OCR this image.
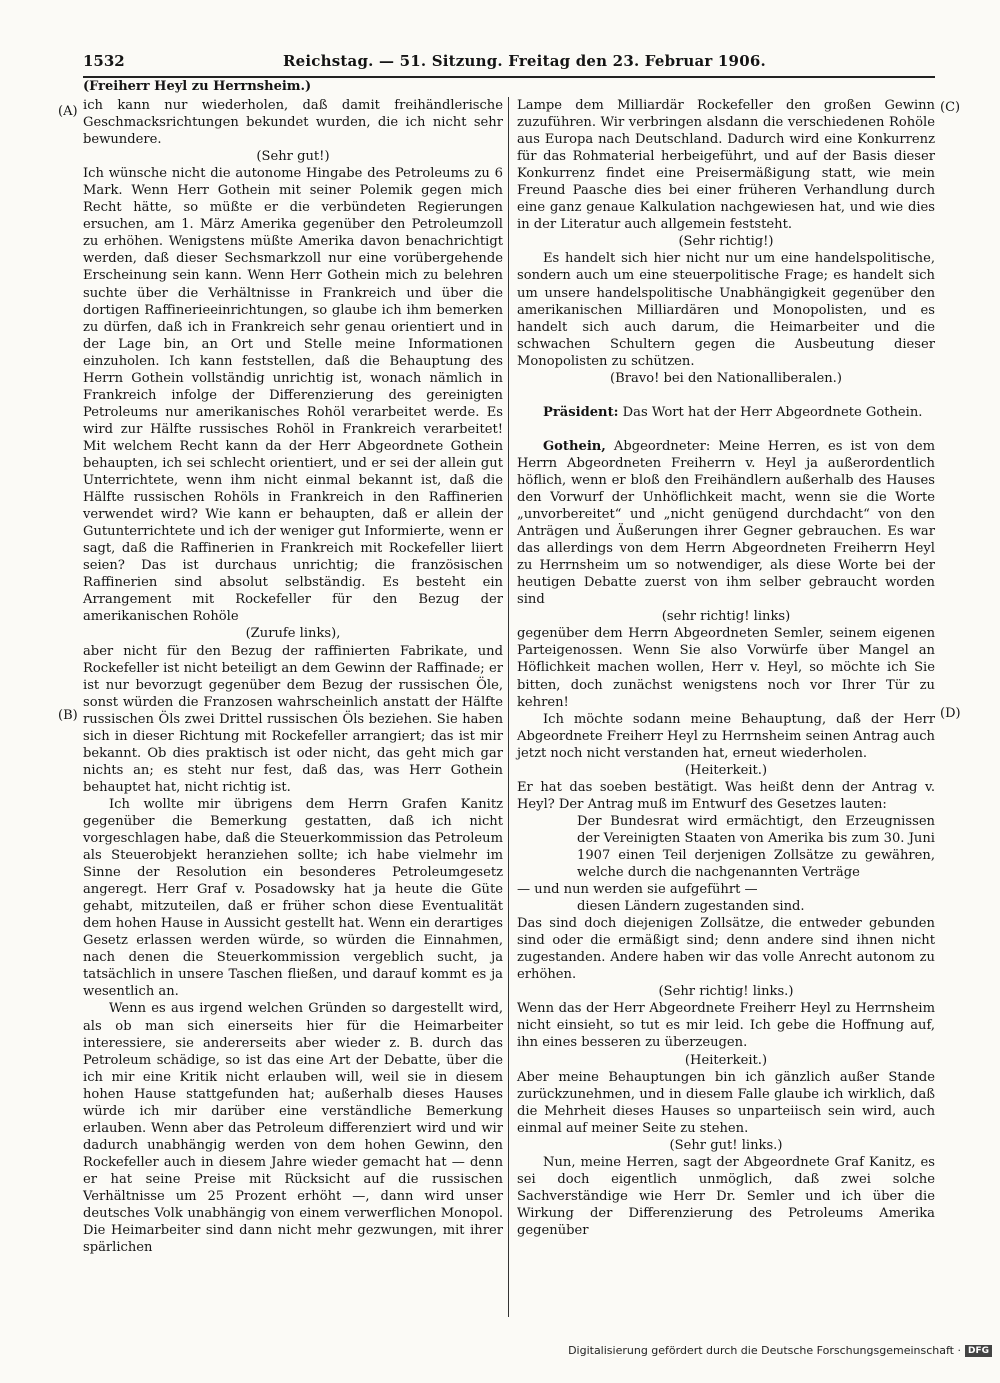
1532	Reichstag. — 51. Sitzung. Freitag den 23. Februar 1906.
(Freiherr Heyl zu Herrnsheim.)
(A)
(B)
(C)
(D)

ich kann nur wiederholen, daß damit freihändlerische Geschmacksrichtungen bekundet wurden, die ich nicht sehr bewundere.

(Sehr gut!)

Ich wünsche nicht die autonome Hingabe des Petroleums zu 6 Mark. Wenn Herr Gothein mit seiner Polemik gegen mich Recht hätte, so müßte er die verbündeten Regierungen ersuchen, am 1. März Amerika gegenüber den Petroleumzoll zu erhöhen. Wenigstens müßte Amerika davon benachrichtigt werden, daß dieser Sechsmarkzoll nur eine vorübergehende Erscheinung sein kann. Wenn Herr Gothein mich zu belehren suchte über die Verhältnisse in Frankreich und über die dortigen Raffinerieeinrichtungen, so glaube ich ihm bemerken zu dürfen, daß ich in Frankreich sehr genau orientiert und in der Lage bin, an Ort und Stelle meine Informationen einzuholen. Ich kann feststellen, daß die Behauptung des Herrn Gothein vollständig unrichtig ist, wonach nämlich in Frankreich infolge der Differenzierung des gereinigten Petroleums nur amerikanisches Rohöl verarbeitet werde. Es wird zur Hälfte russisches Rohöl in Frankreich verarbeitet! Mit welchem Recht kann da der Herr Abgeordnete Gothein behaupten, ich sei schlecht orientiert, und er sei der allein gut Unterrichtete, wenn ihm nicht einmal bekannt ist, daß die Hälfte russischen Rohöls in Frankreich in den Raffinerien verwendet wird? Wie kann er behaupten, daß er allein der Gutunterrichtete und ich der weniger gut Informierte, wenn er sagt, daß die Raffinerien in Frankreich mit Rockefeller liiert seien? Das ist durchaus unrichtig; die französischen Raffinerien sind absolut selbständig. Es besteht ein Arrangement mit Rockefeller für den Bezug der amerikanischen Rohöle

(Zurufe links),

aber nicht für den Bezug der raffinierten Fabrikate, und Rockefeller ist nicht beteiligt an dem Gewinn der Raffinade; er ist nur bevorzugt gegenüber dem Bezug der russischen Öle, sonst würden die Franzosen wahrscheinlich anstatt der Hälfte russischen Öls zwei Drittel russischen Öls beziehen. Sie haben sich in dieser Richtung mit Rockefeller arrangiert; das ist mir bekannt. Ob dies praktisch ist oder nicht, das geht mich gar nichts an; es steht nur fest, daß das, was Herr Gothein behauptet hat, nicht richtig ist.

Ich wollte mir übrigens dem Herrn Grafen Kanitz gegenüber die Bemerkung gestatten, daß ich nicht vorgeschlagen habe, daß die Steuerkommission das Petroleum als Steuerobjekt heranziehen sollte; ich habe vielmehr im Sinne der Resolution ein besonderes Petroleumgesetz angeregt. Herr Graf v. Posadowsky hat ja heute die Güte gehabt, mitzuteilen, daß er früher schon diese Eventualität dem hohen Hause in Aussicht gestellt hat. Wenn ein derartiges Gesetz erlassen werden würde, so würden die Einnahmen, nach denen die Steuerkommission vergeblich sucht, ja tatsächlich in unsere Taschen fließen, und darauf kommt es ja wesentlich an.

Wenn es aus irgend welchen Gründen so dargestellt wird, als ob man sich einerseits hier für die Heimarbeiter interessiere, sie andererseits aber wieder z. B. durch das Petroleum schädige, so ist das eine Art der Debatte, über die ich mir eine Kritik nicht erlauben will, weil sie in diesem hohen Hause stattgefunden hat; außerhalb dieses Hauses würde ich mir darüber eine verständliche Bemerkung erlauben. Wenn aber das Petroleum differenziert wird und wir dadurch unabhängig werden von dem hohen Gewinn, den Rockefeller auch in diesem Jahre wieder gemacht hat — denn er hat seine Preise mit Rücksicht auf die russischen Verhältnisse um 25 Prozent erhöht —, dann wird unser deutsches Volk unabhängig von einem verwerflichen Monopol. Die Heimarbeiter sind dann nicht mehr gezwungen, mit ihrer spärlichen

Lampe dem Milliardär Rockefeller den großen Gewinn zuzuführen. Wir verbringen alsdann die verschiedenen Rohöle aus Europa nach Deutschland. Dadurch wird eine Konkurrenz für das Rohmaterial herbeigeführt, und auf der Basis dieser Konkurrenz findet eine Preisermäßigung statt, wie mein Freund Paasche dies bei einer früheren Verhandlung durch eine ganz genaue Kalkulation nachgewiesen hat, und wie dies in der Literatur auch allgemein feststeht.

(Sehr richtig!)

Es handelt sich hier nicht nur um eine handelspolitische, sondern auch um eine steuerpolitische Frage; es handelt sich um unsere handelspolitische Unabhängigkeit gegenüber den amerikanischen Milliardären und Monopolisten, und es handelt sich auch darum, die Heimarbeiter und die schwachen Schultern gegen die Ausbeutung dieser Monopolisten zu schützen.

(Bravo! bei den Nationalliberalen.)

Präsident: Das Wort hat der Herr Abgeordnete Gothein.

Gothein, Abgeordneter: Meine Herren, es ist von dem Herrn Abgeordneten Freiherrn v. Heyl ja außerordentlich höflich, wenn er bloß den Freihändlern außerhalb des Hauses den Vorwurf der Unhöflichkeit macht, wenn sie die Worte „unvorbereitet“ und „nicht genügend durchdacht“ von den Anträgen und Äußerungen ihrer Gegner gebrauchen. Es war das allerdings von dem Herrn Abgeordneten Freiherrn Heyl zu Herrnsheim um so notwendiger, als diese Worte bei der heutigen Debatte zuerst von ihm selber gebraucht worden sind

(sehr richtig! links)

gegenüber dem Herrn Abgeordneten Semler, seinem eigenen Parteigenossen. Wenn Sie also Vorwürfe über Mangel an Höflichkeit machen wollen, Herr v. Heyl, so möchte ich Sie bitten, doch zunächst wenigstens noch vor Ihrer Tür zu kehren!

Ich möchte sodann meine Behauptung, daß der Herr Abgeordnete Freiherr Heyl zu Herrnsheim seinen Antrag auch jetzt noch nicht verstanden hat, erneut wiederholen.

(Heiterkeit.)

Er hat das soeben bestätigt. Was heißt denn der Antrag v. Heyl? Der Antrag muß im Entwurf des Gesetzes lauten:

Der Bundesrat wird ermächtigt, den Erzeugnissen der Vereinigten Staaten von Amerika bis zum 30. Juni 1907 einen Teil derjenigen Zollsätze zu gewähren, welche durch die nachgenannten Verträge

— und nun werden sie aufgeführt —

diesen Ländern zugestanden sind.

Das sind doch diejenigen Zollsätze, die entweder gebunden sind oder die ermäßigt sind; denn andere sind ihnen nicht zugestanden. Andere haben wir das volle Anrecht autonom zu erhöhen.

(Sehr richtig! links.)

Wenn das der Herr Abgeordnete Freiherr Heyl zu Herrnsheim nicht einsieht, so tut es mir leid. Ich gebe die Hoffnung auf, ihn eines besseren zu überzeugen.

(Heiterkeit.)

Aber meine Behauptungen bin ich gänzlich außer Stande zurückzunehmen, und in diesem Falle glaube ich wirklich, daß die Mehrheit dieses Hauses so unparteiisch sein wird, auch einmal auf meiner Seite zu stehen.

(Sehr gut! links.)

Nun, meine Herren, sagt der Abgeordnete Graf Kanitz, es sei doch eigentlich unmöglich, daß zwei solche Sachverständige wie Herr Dr. Semler und ich über die Wirkung der Differenzierung des Petroleums Amerika gegenüber

Digitalisierung gefördert durch die Deutsche Forschungsgemeinschaft · DFG
